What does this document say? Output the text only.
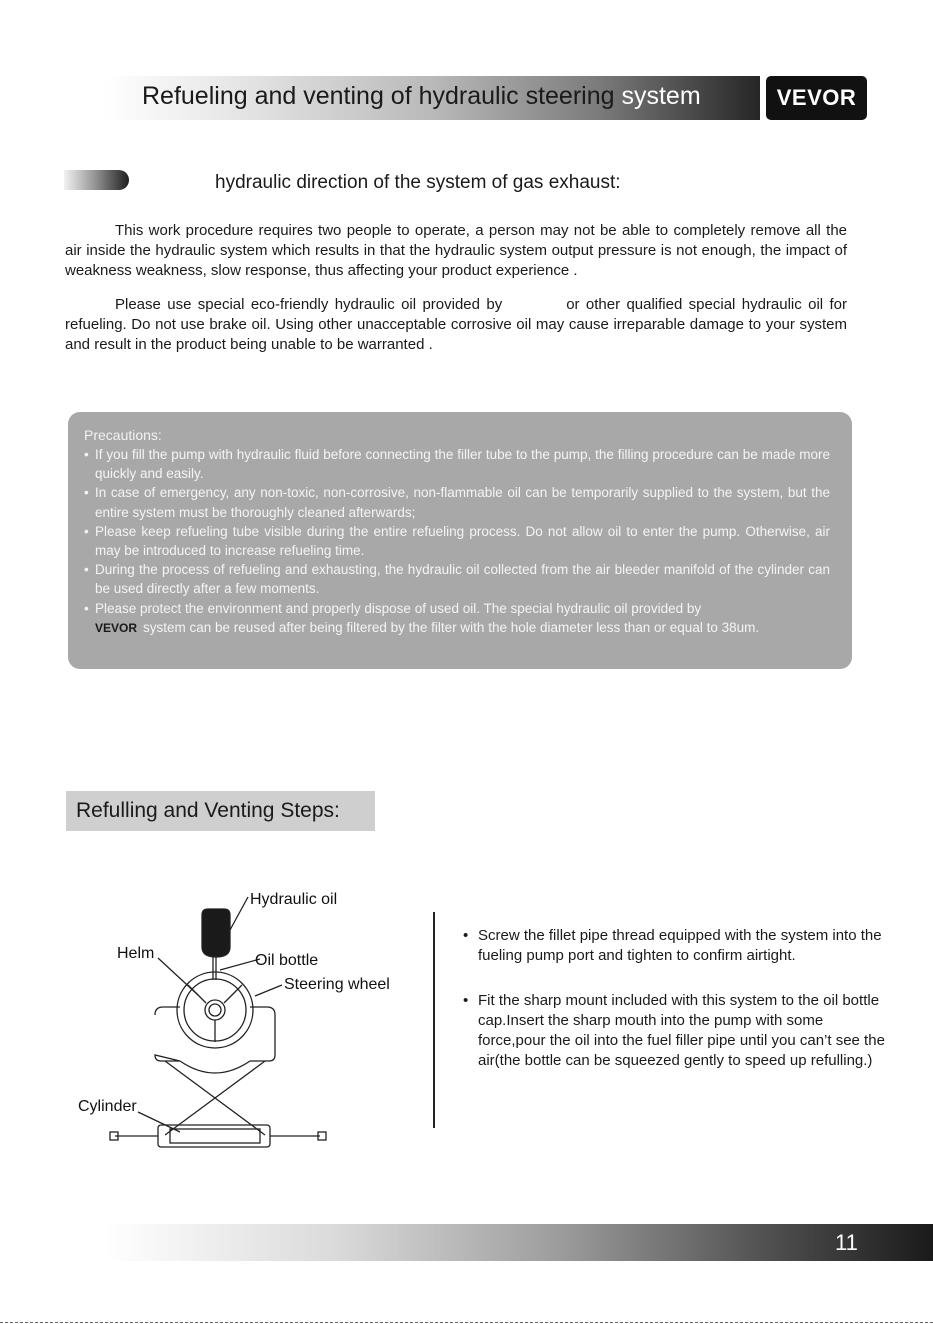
Refueling and venting of hydraulic steering system	VEVOR
hydraulic direction of the system of gas exhaust:

This work procedure requires two people to operate, a person may not be able to completely remove all the air inside the hydraulic system which results in that the hydraulic system output pressure is not enough, the impact of weakness weakness, slow response, thus affecting your product experience .

Please use special eco-friendly hydraulic oil provided by	or other qualified special hydraulic oil for refueling. Do not use brake oil. Using other unacceptable corrosive oil may cause irreparable damage to your system and result in the product being unable to be warranted .

Precautions:
• If you fill the pump with hydraulic fluid before connecting the filler tube to the pump, the filling procedure can be made more quickly and easily.
• In case of emergency, any non-toxic, non-corrosive, non-flammable oil can be temporarily supplied to the system, but the entire system must be thoroughly cleaned afterwards;
• Please keep refueling tube visible during the entire refueling process. Do not allow oil to enter the pump. Otherwise, air may be introduced to increase refueling time.
• During the process of refueling and exhausting, the hydraulic oil collected from the air bleeder manifold of the cylinder can be used directly after a few moments.
• Please protect the environment and properly dispose of used oil. The special hydraulic oil provided by
VEVOR system can be reused after being filtered by the filter with the hole diameter less than or equal to 38um.
Refulling and Venting Steps:
Hydraulic oil
Helm	Oil bottle
Steering wheel
Cylinder
• Screw the fillet pipe thread equipped with the system into the fueling pump port and tighten to confirm airtight.
• Fit the sharp mount included with this system to the oil bottle cap.Insert the sharp mouth into the pump with some force,pour the oil into the fuel filler pipe until you can’t see the air(the bottle can be squeezed gently to speed up refulling.)
11
